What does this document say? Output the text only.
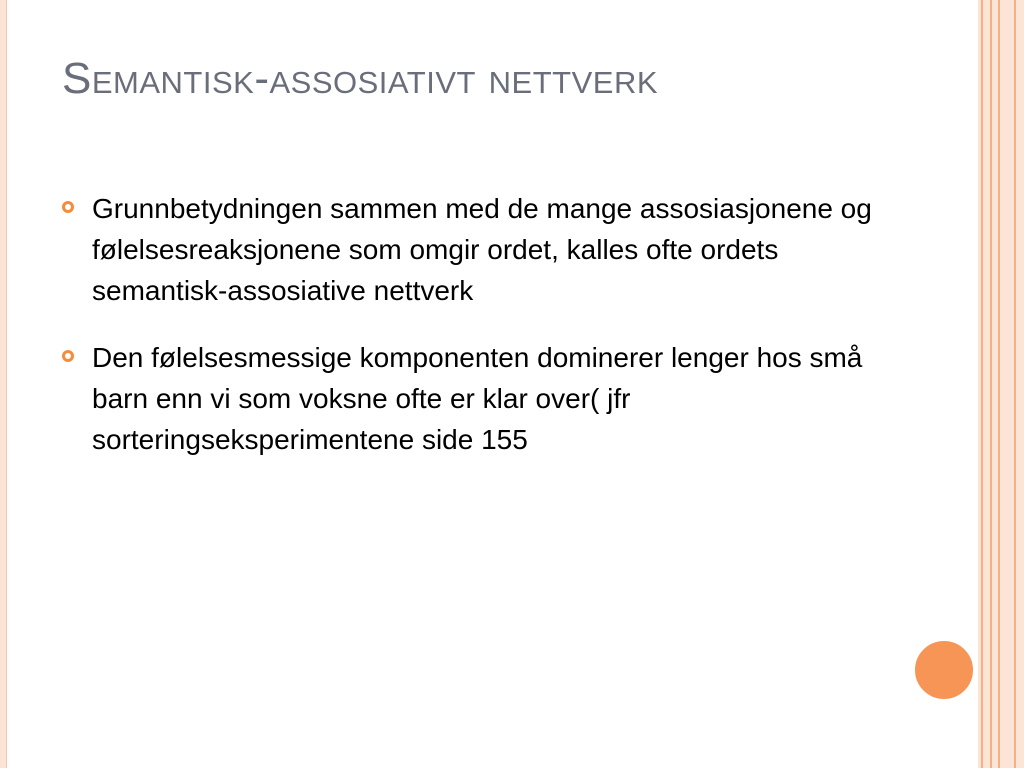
Semantisk-assosiativt nettverk
Grunnbetydningen sammen med de mange assosiasjonene og følelsesreaksjonene som omgir ordet, kalles ofte ordets semantisk-assosiative nettverk
Den følelsesmessige komponenten dominerer lenger hos små barn enn vi som voksne ofte er klar over( jfr sorteringseksperimentene side 155
